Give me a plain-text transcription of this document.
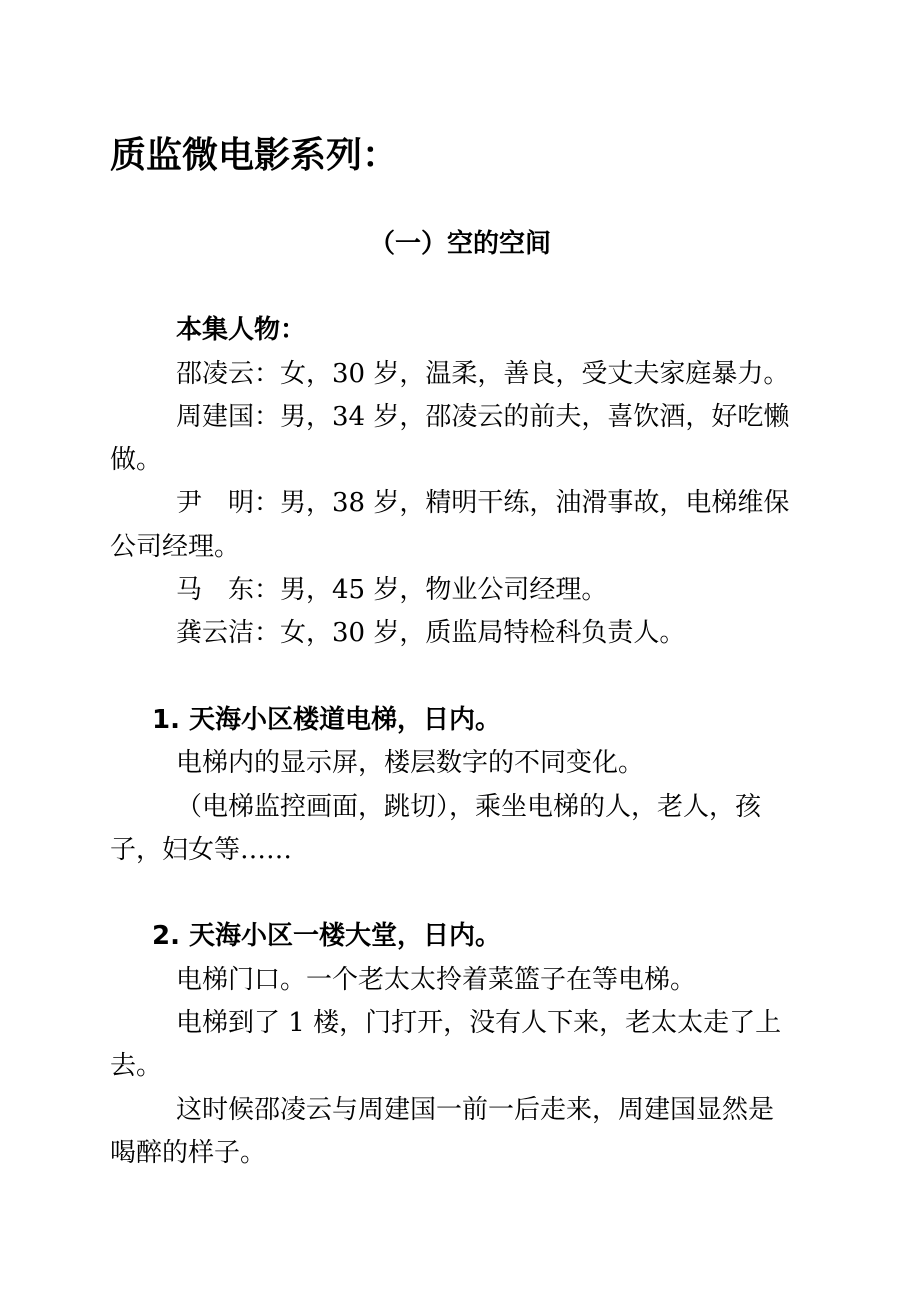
质监微电影系列：
（一）空的空间
本集人物：
邵凌云：女，30 岁，温柔，善良，受丈夫家庭暴力。
周建国：男，34 岁，邵凌云的前夫，喜饮酒，好吃懒
做。
尹　明：男，38 岁，精明干练，油滑事故，电梯维保
公司经理。
马　东：男，45 岁，物业公司经理。
龚云洁：女，30 岁，质监局特检科负责人。
1. 天海小区楼道电梯，日内。
电梯内的显示屏，楼层数字的不同变化。
（电梯监控画面，跳切），乘坐电梯的人，老人，孩
子，妇女等……
2. 天海小区一楼大堂，日内。
电梯门口。一个老太太拎着菜篮子在等电梯。
电梯到了 1 楼，门打开，没有人下来，老太太走了上
去。
这时候邵凌云与周建国一前一后走来，周建国显然是
喝醉的样子。
